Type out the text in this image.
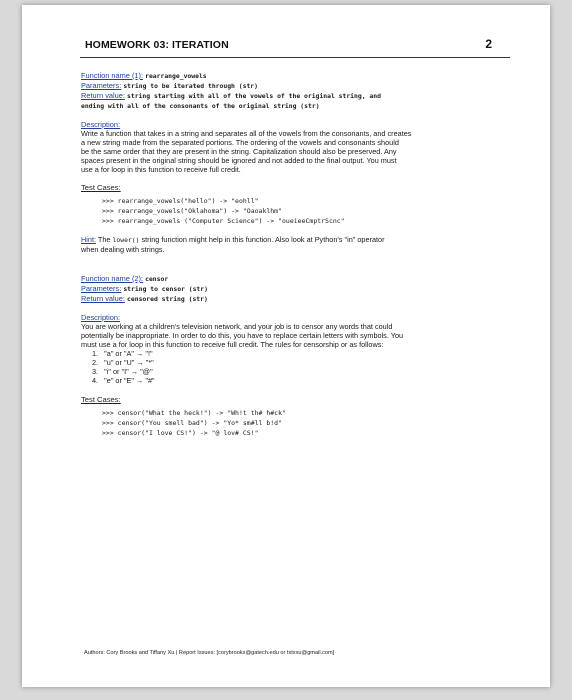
HOMEWORK 03: ITERATION	2
Function name (1): rearrange_vowels
Parameters: string to be iterated through (str)
Return value: string starting with all of the vowels of the original string, and
ending with all of the consonants of the original string (str)
Description:
Write a function that takes in a string and separates all of the vowels from the consonants, and creates
a new string made from the separated portions. The ordering of the vowels and consonants should
be the same order that they are present in the string. Capitalization should also be preserved. Any
spaces present in the original string should be ignored and not added to the final output. You must
use a for loop in this function to receive full credit.
Test Cases:
>>> rearrange_vowels("hello") -> "eohll"
>>> rearrange_vowels("Oklahoma") -> "Oaoaklhm"
>>> rearrange_vowels ("Computer Science") -> "oueieeCmptrScnc"
Hint: The lower() string function might help in this function. Also look at Python's "in" operator
when dealing with strings.
Function name (2): censor
Parameters: string to censor (str)
Return value: censored string (str)
Description:
You are working at a children's television network, and your job is to censor any words that could
potentially be inappropriate. In order to do this, you have to replace certain letters with symbols. You
must use a for loop in this function to receive full credit. The rules for censorship or as follows:
1.   "a" or "A" → "!"
2.   "u" or "U" → "*"
3.   "i" or "I" → "@"
4.   "e" or "E" → "#"
Test Cases:
>>> censor("What the heck!") -> "Wh!t th# h#ck"
>>> censor("You smell bad") -> "Yo* sm#ll b!d"
>>> censor("I love CS!") -> "@ lov# CS!"
Authors: Cory Brooks and Tiffany Xu | Report Issues: [corybrooks@gatech.edu or txtxxu@gmail.com]
